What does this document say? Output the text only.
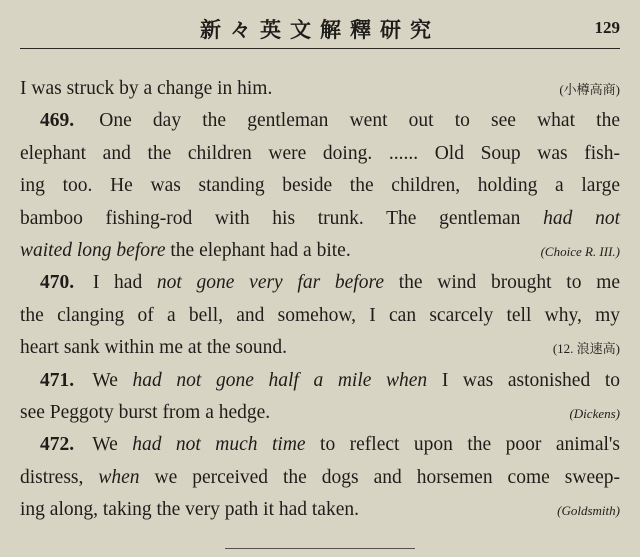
新々英文解釋研究	129
I was struck by a change in him.	(小樽高商)
469. One day the gentleman went out to see what the
elephant and the children were doing. ...... Old Soup was fish-
ing too. He was standing beside the children, holding a large
bamboo fishing-rod with his trunk. The gentleman had not
waited long before the elephant had a bite.	(Choice R. III.)
470. I had not gone very far before the wind brought to me
the clanging of a bell, and somehow, I can scarcely tell why, my
heart sank within me at the sound.	(12. 浪速高)
471. We had not gone half a mile when I was astonished to
see Peggoty burst from a hedge.	(Dickens)
472. We had not much time to reflect upon the poor animal's
distress, when we perceived the dogs and horsemen come sweep-
ing along, taking the very path it had taken.	(Goldsmith)
